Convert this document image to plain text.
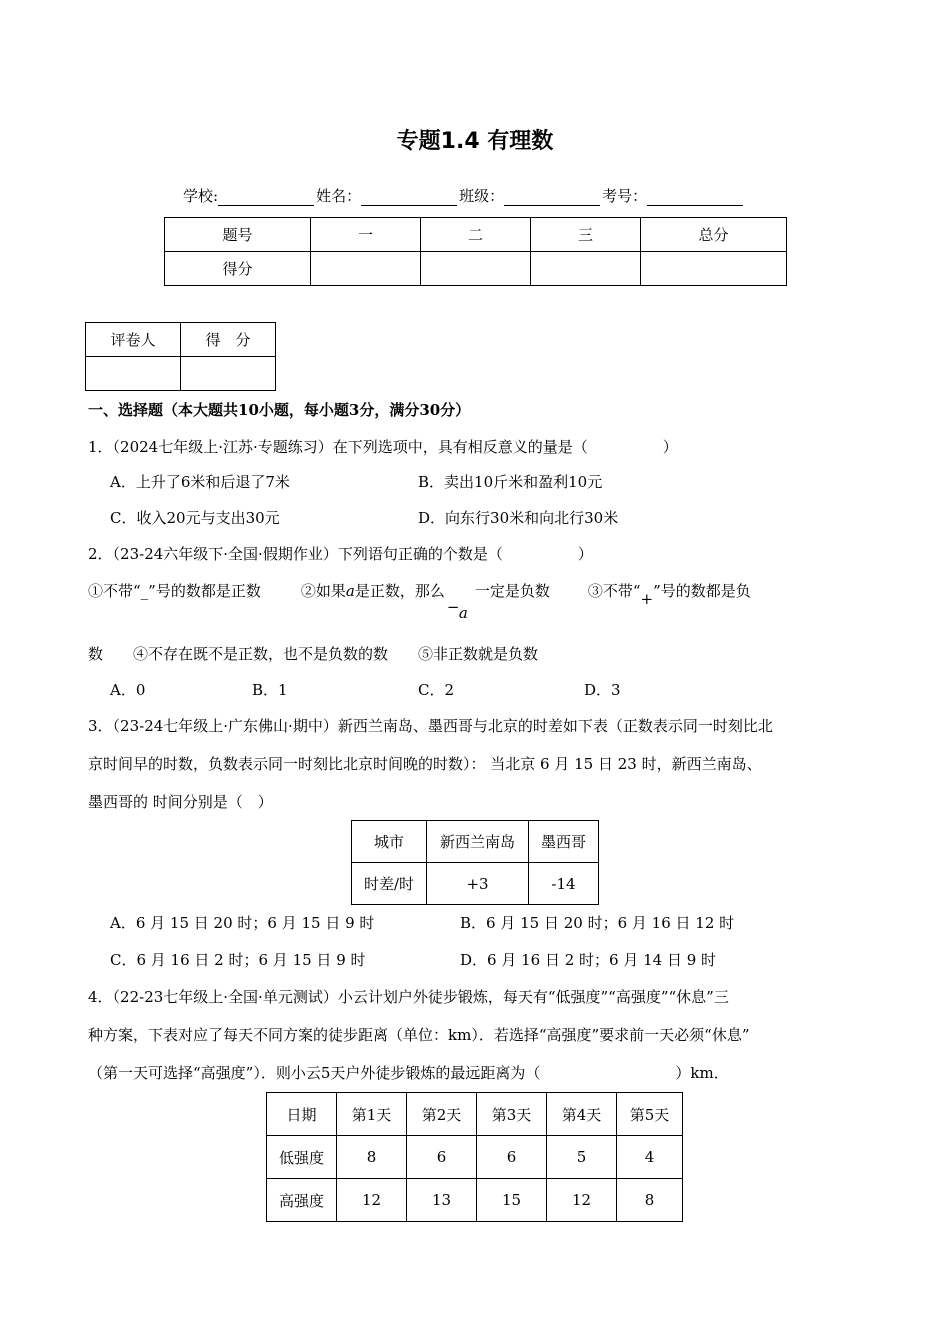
专题1.4 有理数
学校:	姓名：	班级：	考号：
题号	一	二	三	总分
得分				
评卷人	得　分

一、选择题（本大题共10小题，每小题3分，满分30分）
1．（2024七年级上·江苏·专题练习）在下列选项中，具有相反意义的量是（　　　　　）
A．上升了6米和后退了7米	B．卖出10斤米和盈利10元
C．收入20元与支出30元	D．向东行30米和向北行30米
2．（23-24六年级下·全国·假期作业）下列语句正确的个数是（　　　　　）
①不带“_”号的数都是正数	②如果a是正数，那么
− a
一定是负数	③不带“+”号的数都是负
数　　④不存在既不是正数，也不是负数的数　　⑤非正数就是负数
A．0	B．1	C．2	D．3
3．（23-24七年级上·广东佛山·期中）新西兰南岛、墨西哥与北京的时差如下表（正数表示同一时刻比北
京时间早的时数，负数表示同一时刻比北京时间晚的时数）： 当北京 6 月 15 日 23 时，新西兰南岛、
墨西哥的 时间分别是（　）
城市	新西兰南岛	墨西哥
时差/时	+3	-14
A．6 月 15 日 20 时；6 月 15 日 9 时	B．6 月 15 日 20 时；6 月 16 日 12 时
C．6 月 16 日 2 时；6 月 15 日 9 时	D．6 月 16 日 2 时；6 月 14 日 9 时
4．（22-23七年级上·全国·单元测试）小云计划户外徒步锻炼，每天有“低强度”“高强度”“休息”三
种方案，下表对应了每天不同方案的徒步距离（单位：km）．若选择“高强度”要求前一天必须“休息”
（第一天可选择“高强度”）．则小云5天户外徒步锻炼的最远距离为（　　　　　　　　　）km．
日期	第1天	第2天	第3天	第4天	第5天
低强度	8	6	6	5	4
高强度	12	13	15	12	8
